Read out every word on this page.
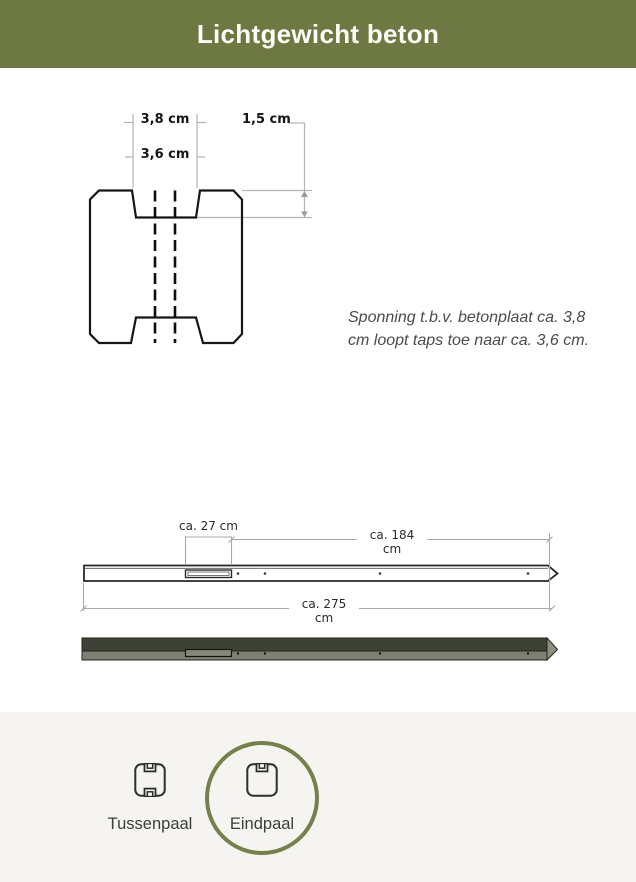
Lichtgewicht beton
3,8 cm
3,6 cm
1,5 cm
Sponning t.b.v. betonplaat ca. 3,8
cm loopt taps toe naar ca. 3,6 cm.
ca. 27 cm
ca. 184 cm
ca. 275 cm
Tussenpaal	Eindpaal
